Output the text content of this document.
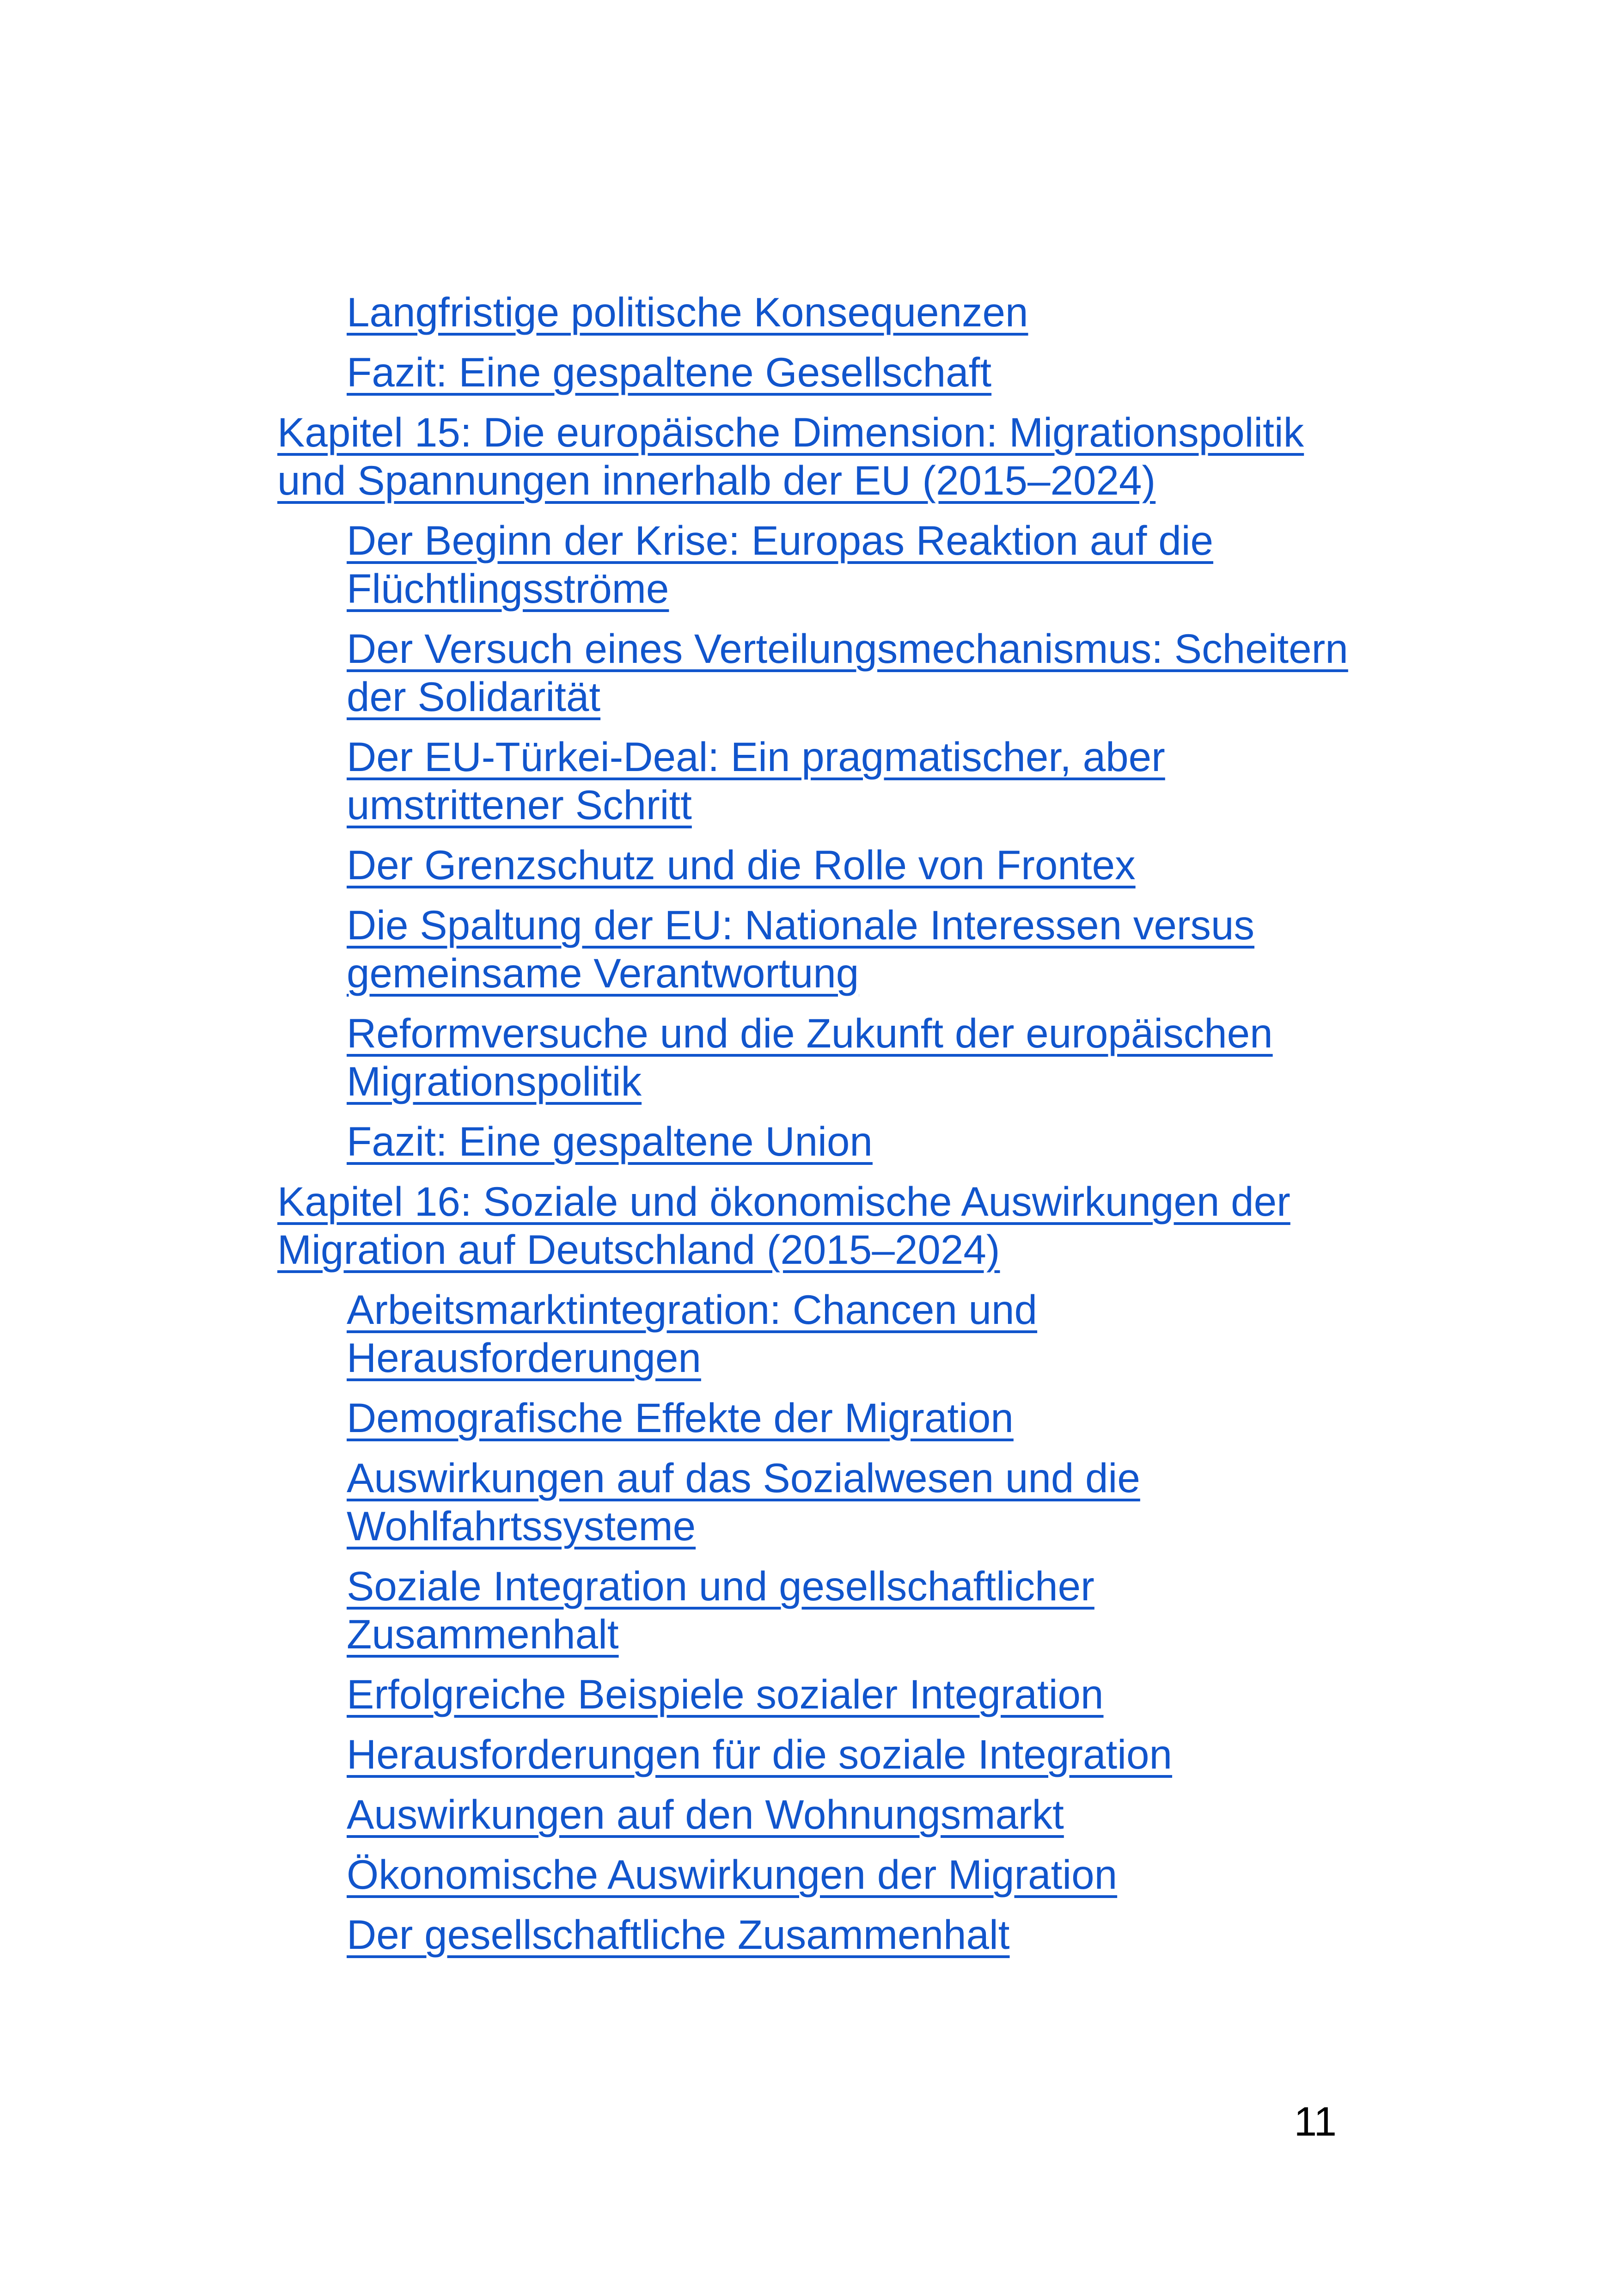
Langfristige politische Konsequenzen
Fazit: Eine gespaltene Gesellschaft
Kapitel 15: Die europäische Dimension: Migrationspolitik und Spannungen innerhalb der EU (2015–2024)
Der Beginn der Krise: Europas Reaktion auf die Flüchtlingsströme
Der Versuch eines Verteilungsmechanismus: Scheitern der Solidarität
Der EU-Türkei-Deal: Ein pragmatischer, aber umstrittener Schritt
Der Grenzschutz und die Rolle von Frontex
Die Spaltung der EU: Nationale Interessen versus gemeinsame Verantwortung
Reformversuche und die Zukunft der europäischen Migrationspolitik
Fazit: Eine gespaltene Union
Kapitel 16: Soziale und ökonomische Auswirkungen der Migration auf Deutschland (2015–2024)
Arbeitsmarktintegration: Chancen und Herausforderungen
Demografische Effekte der Migration
Auswirkungen auf das Sozialwesen und die Wohlfahrtssysteme
Soziale Integration und gesellschaftlicher Zusammenhalt
Erfolgreiche Beispiele sozialer Integration
Herausforderungen für die soziale Integration
Auswirkungen auf den Wohnungsmarkt
Ökonomische Auswirkungen der Migration
Der gesellschaftliche Zusammenhalt
11
